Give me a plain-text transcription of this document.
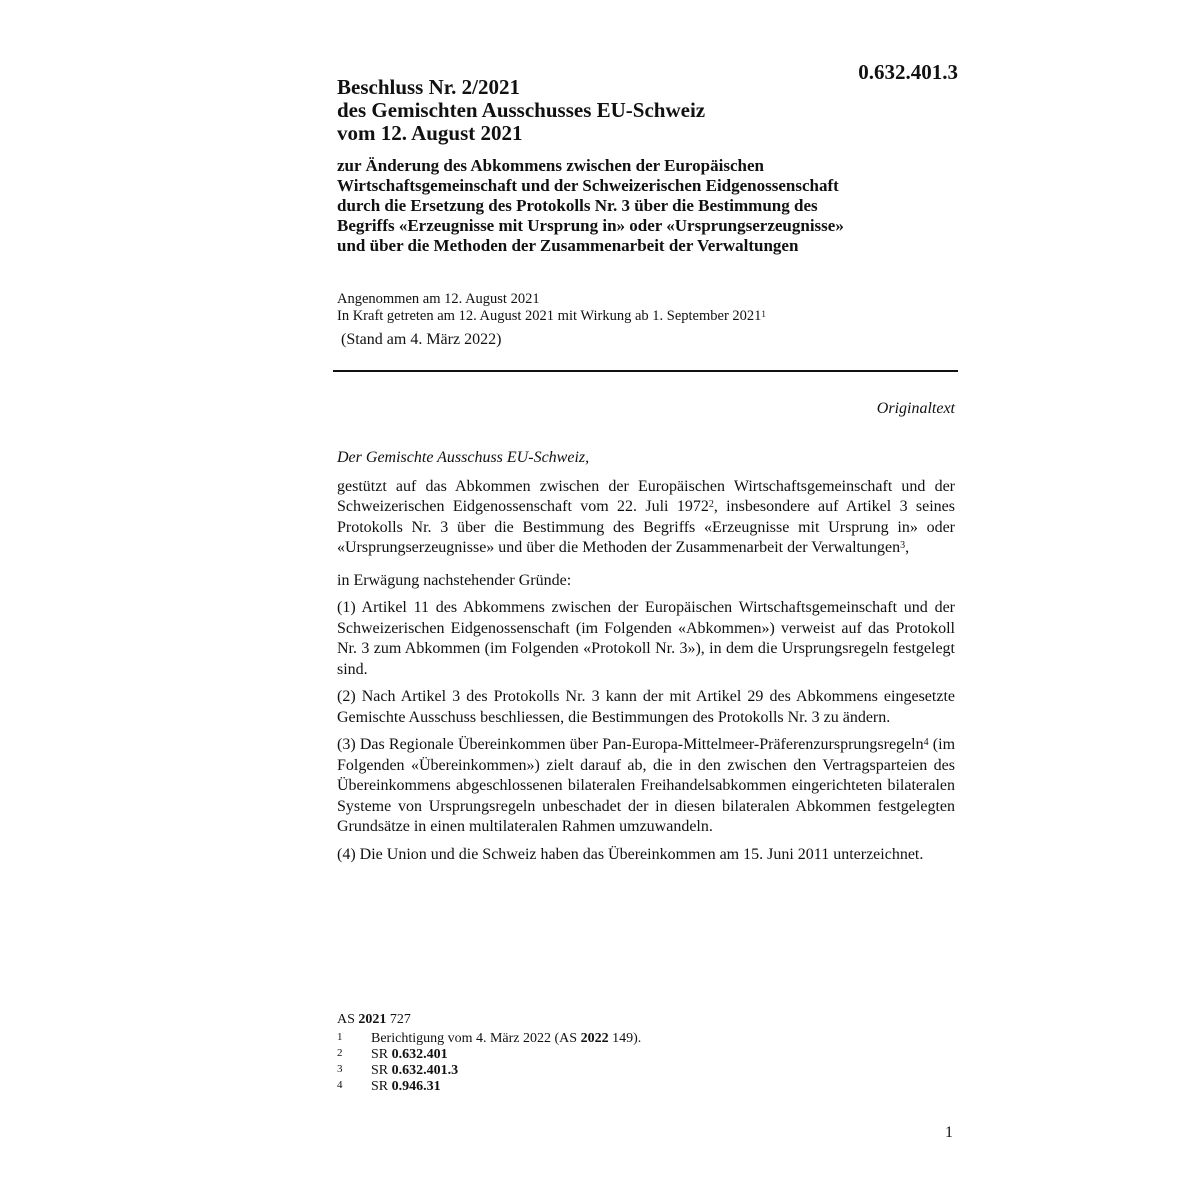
0.632.401.3
Beschluss Nr. 2/2021
des Gemischten Ausschusses EU-Schweiz
vom 12. August 2021
zur Änderung des Abkommens zwischen der Europäischen
Wirtschaftsgemeinschaft und der Schweizerischen Eidgenossenschaft
durch die Ersetzung des Protokolls Nr. 3 über die Bestimmung des
Begriffs «Erzeugnisse mit Ursprung in» oder «Ursprungserzeugnisse»
und über die Methoden der Zusammenarbeit der Verwaltungen
Angenommen am 12. August 2021
In Kraft getreten am 12. August 2021 mit Wirkung ab 1. September 2021$^1$
(Stand am 4. März 2022)
Originaltext

Der Gemischte Ausschuss EU-Schweiz,

gestützt auf das Abkommen zwischen der Europäischen Wirtschaftsgemeinschaft und der Schweizerischen Eidgenossenschaft vom 22. Juli 1972$^2$, insbesondere auf Artikel 3 seines Protokolls Nr. 3 über die Bestimmung des Begriffs «Erzeugnisse mit Ursprung in» oder «Ursprungserzeugnisse» und über die Methoden der Zusammenarbeit der Verwaltungen$^3$,

in Erwägung nachstehender Gründe:

(1) Artikel 11 des Abkommens zwischen der Europäischen Wirtschaftsgemeinschaft und der Schweizerischen Eidgenossenschaft (im Folgenden «Abkommen») verweist auf das Protokoll Nr. 3 zum Abkommen (im Folgenden «Protokoll Nr. 3»), in dem die Ursprungsregeln festgelegt sind.

(2) Nach Artikel 3 des Protokolls Nr. 3 kann der mit Artikel 29 des Abkommens eingesetzte Gemischte Ausschuss beschliessen, die Bestimmungen des Protokolls Nr. 3 zu ändern.

(3) Das Regionale Übereinkommen über Pan-Europa-Mittelmeer-Präferenzursprungsregeln$^4$ (im Folgenden «Übereinkommen») zielt darauf ab, die in den zwischen den Vertragsparteien des Übereinkommens abgeschlossenen bilateralen Freihandelsabkommen eingerichteten bilateralen Systeme von Ursprungsregeln unbeschadet der in diesen bilateralen Abkommen festgelegten Grundsätze in einen multilateralen Rahmen umzuwandeln.

(4) Die Union und die Schweiz haben das Übereinkommen am 15. Juni 2011 unterzeichnet.

AS 2021 727
1	Berichtigung vom 4. März 2022 (AS 2022 149).
2	SR 0.632.401
3	SR 0.632.401.3
4	SR 0.946.31
1
